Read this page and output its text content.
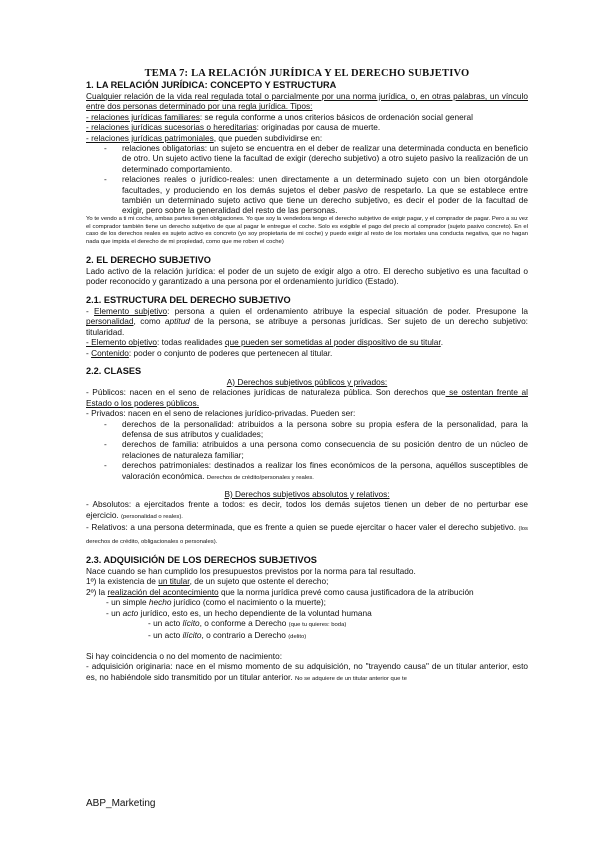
TEMA 7: LA RELACIÓN JURÍDICA Y EL DERECHO SUBJETIVO
1. LA RELACIÓN JURÍDICA: CONCEPTO Y ESTRUCTURA

Cualquier relación de la vida real regulada total o parcialmente por una norma jurídica, o, en otras palabras, un vínculo entre dos personas determinado por una regla jurídica. Tipos:

- relaciones jurídicas familiares: se regula conforme a unos criterios básicos de ordenación social general

- relaciones jurídicas sucesorias o hereditarias: originadas por causa de muerte.

- relaciones jurídicas patrimoniales, que pueden subdividirse en:

- relaciones obligatorias: un sujeto se encuentra en el deber de realizar una determinada conducta en beneficio de otro. Un sujeto activo tiene la facultad de exigir (derecho subjetivo) a otro sujeto pasivo la realización de un determinado comportamiento.
- relaciones reales o jurídico-reales: unen directamente a un determinado sujeto con un bien otorgándole facultades, y produciendo en los demás sujetos el deber pasivo de respetarlo. La que se establece entre también un determinado sujeto activo que tiene un derecho subjetivo, es decir el poder de la facultad de exigir, pero sobre la generalidad del resto de las personas.

Yo te vendo a ti mi coche, ambas partes tienen obligaciones. Yo que soy la vendedora tengo el derecho subjetivo de exigir pagar, y el comprador de pagar. Pero a su vez el comprador también tiene un derecho subjetivo de que al pagar le entregue el coche. Solo es exigible el pago del precio al comprador (sujeto pasivo concreto). En el caso de los derechos reales es sujeto activo es concreto (yo soy propietaria de mi coche) y puedo exigir al resto de los mortales una conducta negativa, que no hagan nada que impida el derecho de mi propiedad, como que me roben el coche)

2. EL DERECHO SUBJETIVO

Lado activo de la relación jurídica: el poder de un sujeto de exigir algo a otro. El derecho subjetivo es una facultad o poder reconocido y garantizado a una persona por el ordenamiento jurídico (Estado).

2.1. ESTRUCTURA DEL DERECHO SUBJETIVO

- Elemento subjetivo: persona a quien el ordenamiento atribuye la especial situación de poder. Presupone la personalidad, como aptitud de la persona, se atribuye a personas jurídicas. Ser sujeto de un derecho subjetivo: titularidad.

- Elemento objetivo: todas realidades que pueden ser sometidas al poder dispositivo de su titular.

- Contenido: poder o conjunto de poderes que pertenecen al titular.

2.2. CLASES

A) Derechos subjetivos públicos y privados:

- Públicos: nacen en el seno de relaciones jurídicas de naturaleza pública. Son derechos que se ostentan frente al Estado o los poderes públicos.

- Privados: nacen en el seno de relaciones jurídico-privadas. Pueden ser:

- derechos de la personalidad: atribuidos a la persona sobre su propia esfera de la personalidad, para la defensa de sus atributos y cualidades;
- derechos de familia: atribuidos a una persona como consecuencia de su posición dentro de un núcleo de relaciones de naturaleza familiar;
- derechos patrimoniales: destinados a realizar los fines económicos de la persona, aquéllos susceptibles de valoración económica. Derechos de crédito/personales y reales.

B) Derechos subjetivos absolutos y relativos:

- Absolutos: a ejercitados frente a todos: es decir, todos los demás sujetos tienen un deber de no perturbar ese ejercicio. (personalidad o reales).

- Relativos: a una persona determinada, que es frente a quien se puede ejercitar o hacer valer el derecho subjetivo. (los derechos de crédito, obligacionales o personales).

2.3. ADQUISICIÓN DE LOS DERECHOS SUBJETIVOS

Nace cuando se han cumplido los presupuestos previstos por la norma para tal resultado.

1º) la existencia de un titular, de un sujeto que ostente el derecho;

2º) la realización del acontecimiento que la norma jurídica prevé como causa justificadora de la atribución

- un simple hecho jurídico (como el nacimiento o la muerte);

- un acto jurídico, esto es, un hecho dependiente de la voluntad humana

- un acto lícito, o conforme a Derecho (que tu quieres: boda)

- un acto ilícito, o contrario a Derecho (delito)

Si hay coincidencia o no del momento de nacimiento:

- adquisición originaria: nace en el mismo momento de su adquisición, no "trayendo causa" de un titular anterior, esto es, no habiéndole sido transmitido por un titular anterior. No se adquiere de un titular anterior que te

ABP_Marketing
